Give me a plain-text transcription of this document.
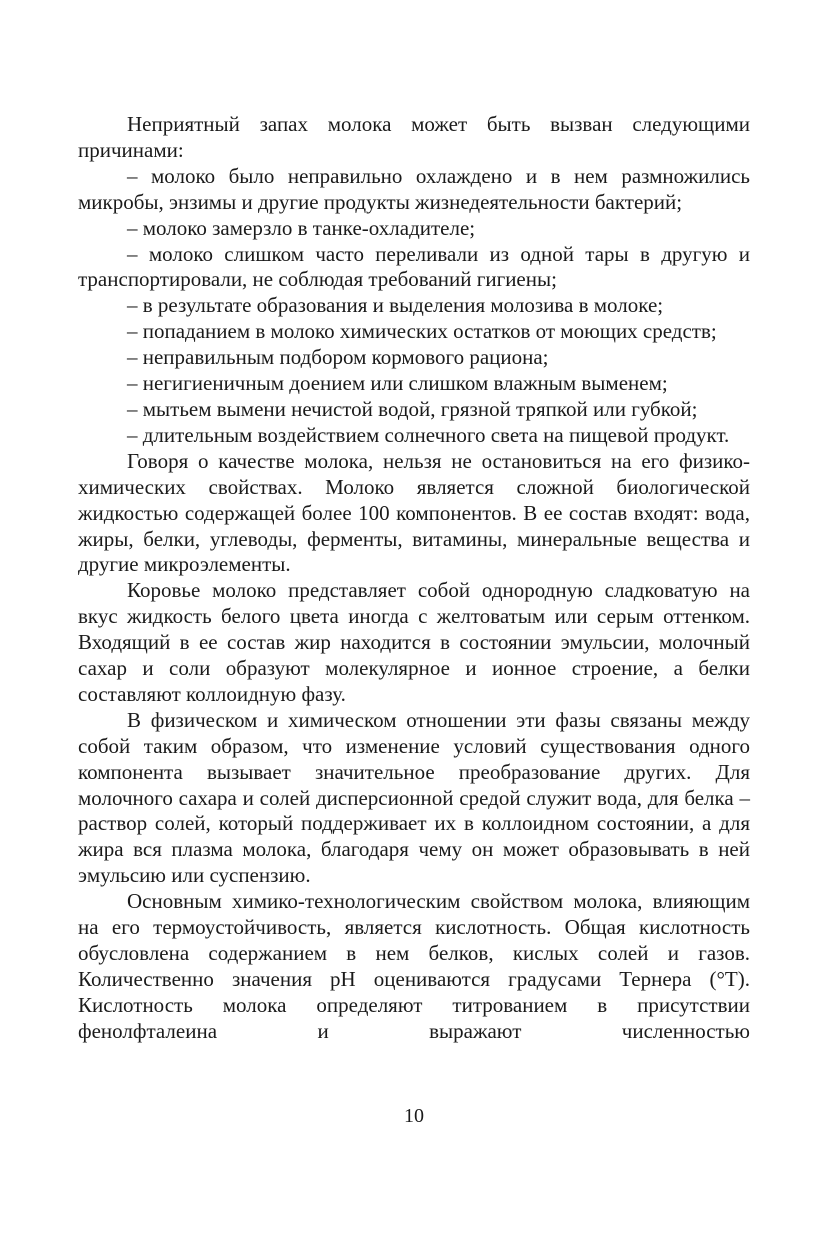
Неприятный запах молока может быть вызван следующими причинами:

– молоко было неправильно охлаждено и в нем размножились микробы, энзимы и другие продукты жизнедеятельности бактерий;

– молоко замерзло в танке-охладителе;

– молоко слишком часто переливали из одной тары в другую и транспортировали, не соблюдая требований гигиены;

– в результате образования и выделения молозива в молоке;

– попаданием в молоко химических остатков от моющих средств;

– неправильным подбором кормового рациона;

– негигиеничным доением или слишком влажным выменем;

– мытьем вымени нечистой водой, грязной тряпкой или губкой;

– длительным воздействием солнечного света на пищевой продукт.

Говоря о качестве молока, нельзя не остановиться на его физико-химических свойствах. Молоко является сложной биологической жидкостью содержащей более 100 компонентов. В ее состав входят: вода, жиры, белки, углеводы, ферменты, витамины, минеральные вещества и другие микроэлементы.

Коровье молоко представляет собой однородную сладковатую на вкус жидкость белого цвета иногда с желтоватым или серым оттенком. Входящий в ее состав жир находится в состоянии эмульсии, молочный сахар и соли образуют молекулярное и ионное строение, а белки составляют коллоидную фазу.

В физическом и химическом отношении эти фазы связаны между собой таким образом, что изменение условий существования одного компонента вызывает значительное преобразование других. Для молочного сахара и солей дисперсионной средой служит вода, для белка – раствор солей, который поддерживает их в коллоидном состоянии, а для жира вся плазма молока, благодаря чему он может образовывать в ней эмульсию или суспензию.

Основным химико-технологическим свойством молока, влияющим на его термоустойчивость, является кислотность. Общая кислотность обусловлена содержанием в нем белков, кислых солей и газов. Количественно значения pH оцениваются градусами Тернера (°Т). Кислотность молока определяют титрованием в присутствии фенолфталеина и выражают численностью

10
